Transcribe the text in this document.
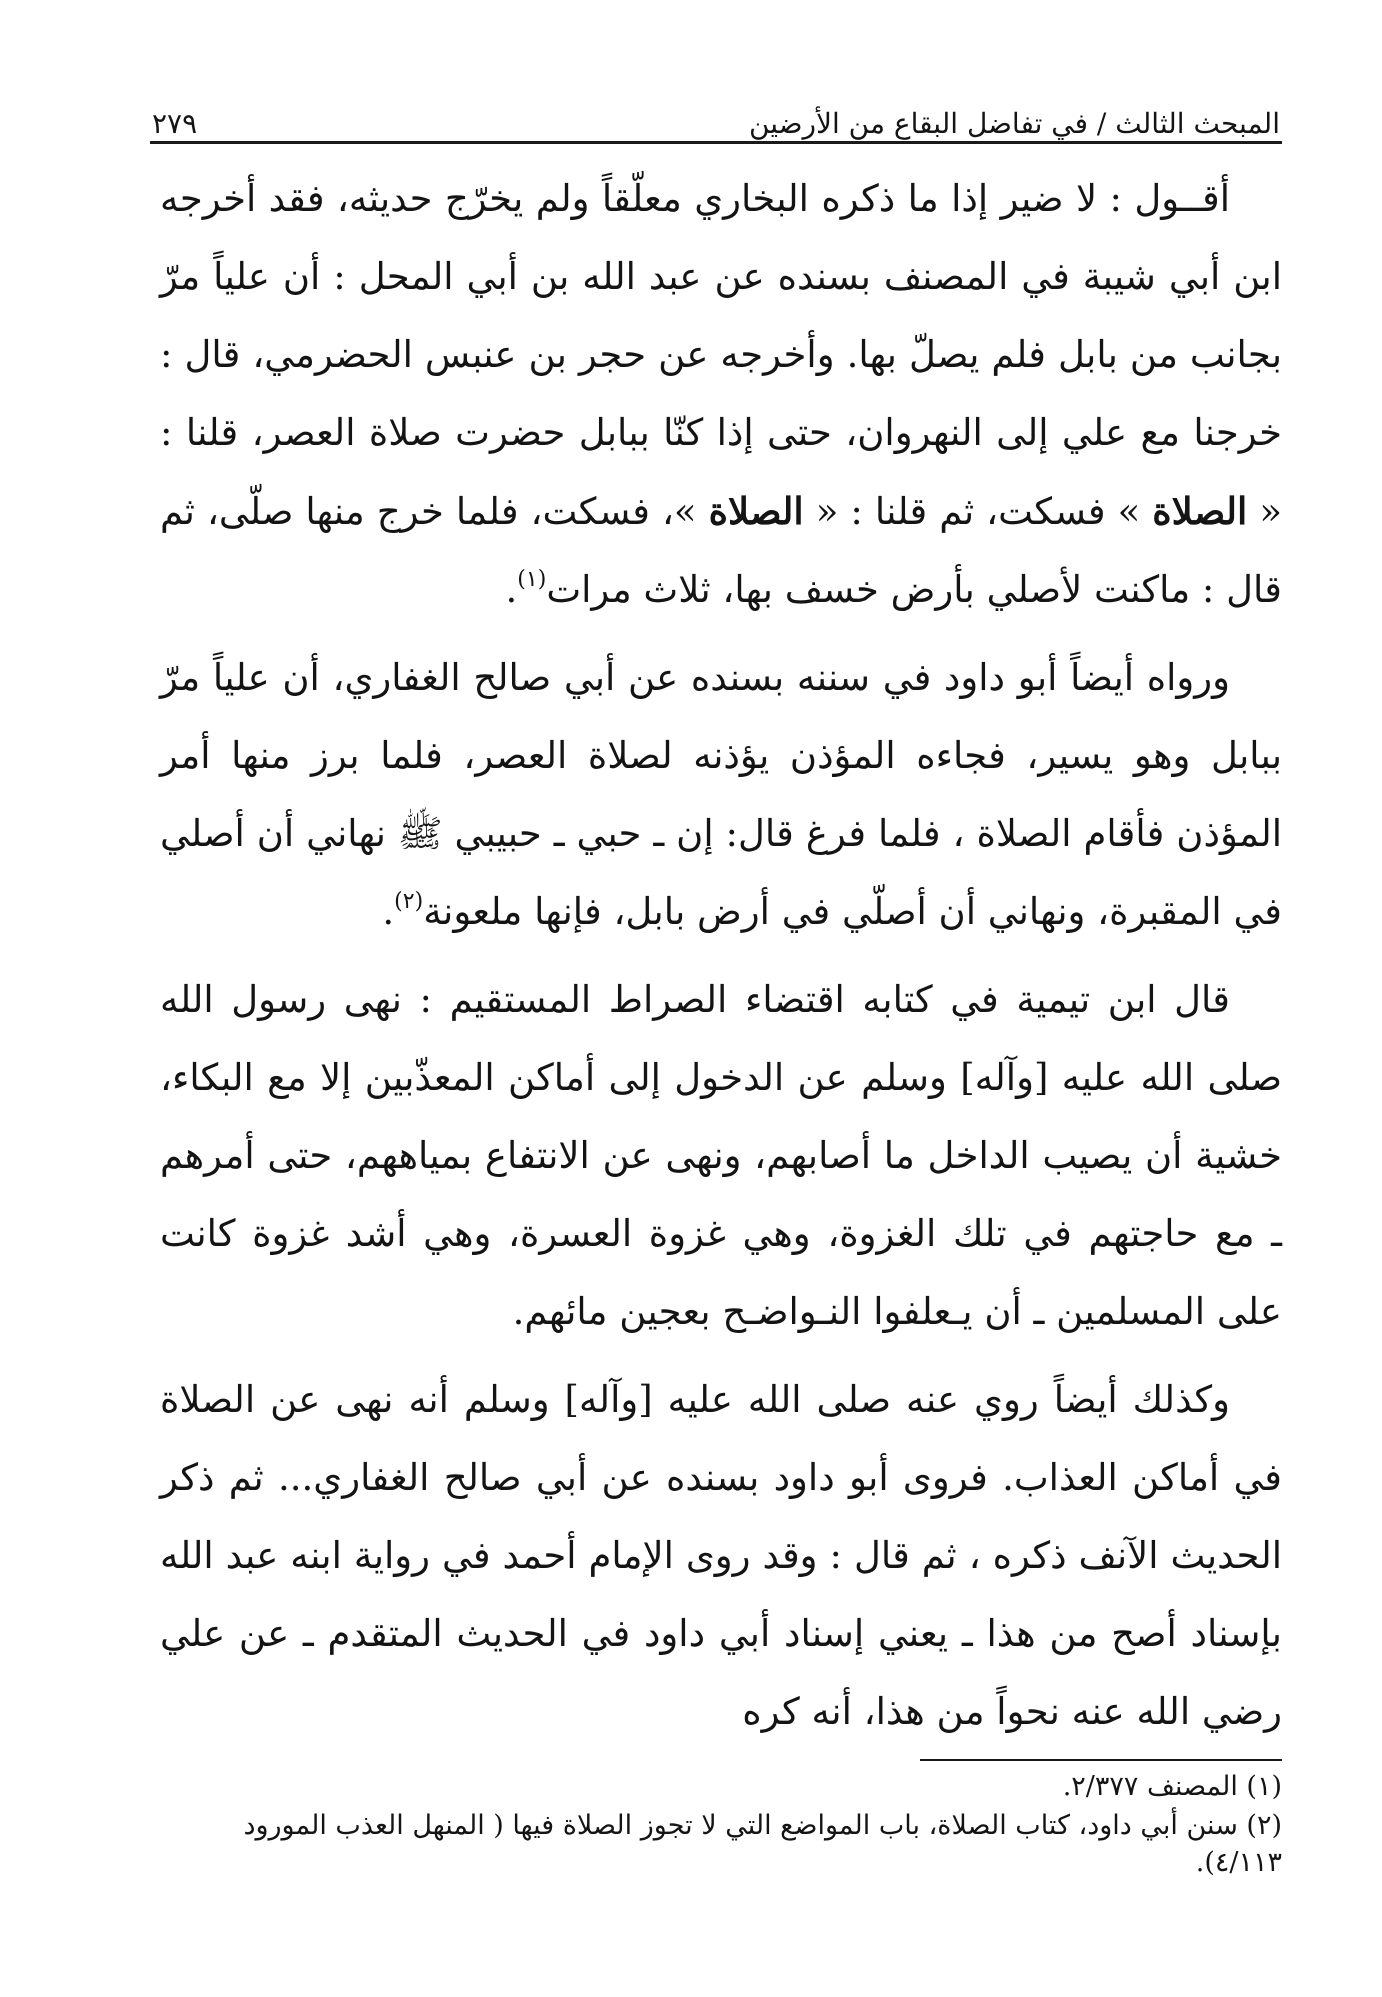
المبحث الثالث / في تفاضل البقاع من الأرضين
٢٧٩

أقــول : لا ضير إذا ما ذكره البخاري معلّقاً ولم يخرّج حديثه، فقد أخرجه ابن أبي شيبة في المصنف بسنده عن عبد الله بن أبي المحل : أن علياً مرّ بجانب من بابل فلم يصلّ بها. وأخرجه عن حجر بن عنبس الحضرمي، قال : خرجنا مع علي إلى النهروان، حتى إذا كنّا ببابل حضرت صلاة العصر، قلنا : « الصلاة » فسكت، ثم قلنا : « الصلاة »، فسكت، فلما خرج منها صلّى، ثم قال : ماكنت لأصلي بأرض خسف بها، ثلاث مرات$^{(١)}$.

ورواه أيضاً أبو داود في سننه بسنده عن أبي صالح الغفاري، أن علياً مرّ ببابل وهو يسير، فجاءه المؤذن يؤذنه لصلاة العصر، فلما برز منها أمر المؤذن فأقام الصلاة ، فلما فرغ قال: إن ـ حبي ـ حبيبي ﷺ نهاني أن أصلي في المقبرة، ونهاني أن أصلّي في أرض بابل، فإنها ملعونة$^{(٢)}$.

قال ابن تيمية في كتابه اقتضاء الصراط المستقيم : نهى رسول الله صلى الله عليه [وآله] وسلم عن الدخول إلى أماكن المعذّبين إلا مع البكاء، خشية أن يصيب الداخل ما أصابهم، ونهى عن الانتفاع بمياههم، حتى أمرهم ـ مع حاجتهم في تلك الغزوة، وهي غزوة العسرة، وهي أشد غزوة كانت على المسلمين ـ أن يـعلفوا النـواضـح بعجين مائهم.

وكذلك أيضاً روي عنه صلى الله عليه [وآله] وسلم أنه نهى عن الصلاة في أماكن العذاب. فروى أبو داود بسنده عن أبي صالح الغفاري... ثم ذكر الحديث الآنف ذكره ، ثم قال : وقد روى الإمام أحمد في رواية ابنه عبد الله بإسناد أصح من هذا ـ يعني إسناد أبي داود في الحديث المتقدم ـ عن علي رضي الله عنه نحواً من هذا، أنه كره

(١) المصنف ٢/٣٧٧.

(٢) سنن أبي داود، كتاب الصلاة، باب المواضع التي لا تجوز الصلاة فيها ( المنهل العذب المورود ٤/١١٣).
